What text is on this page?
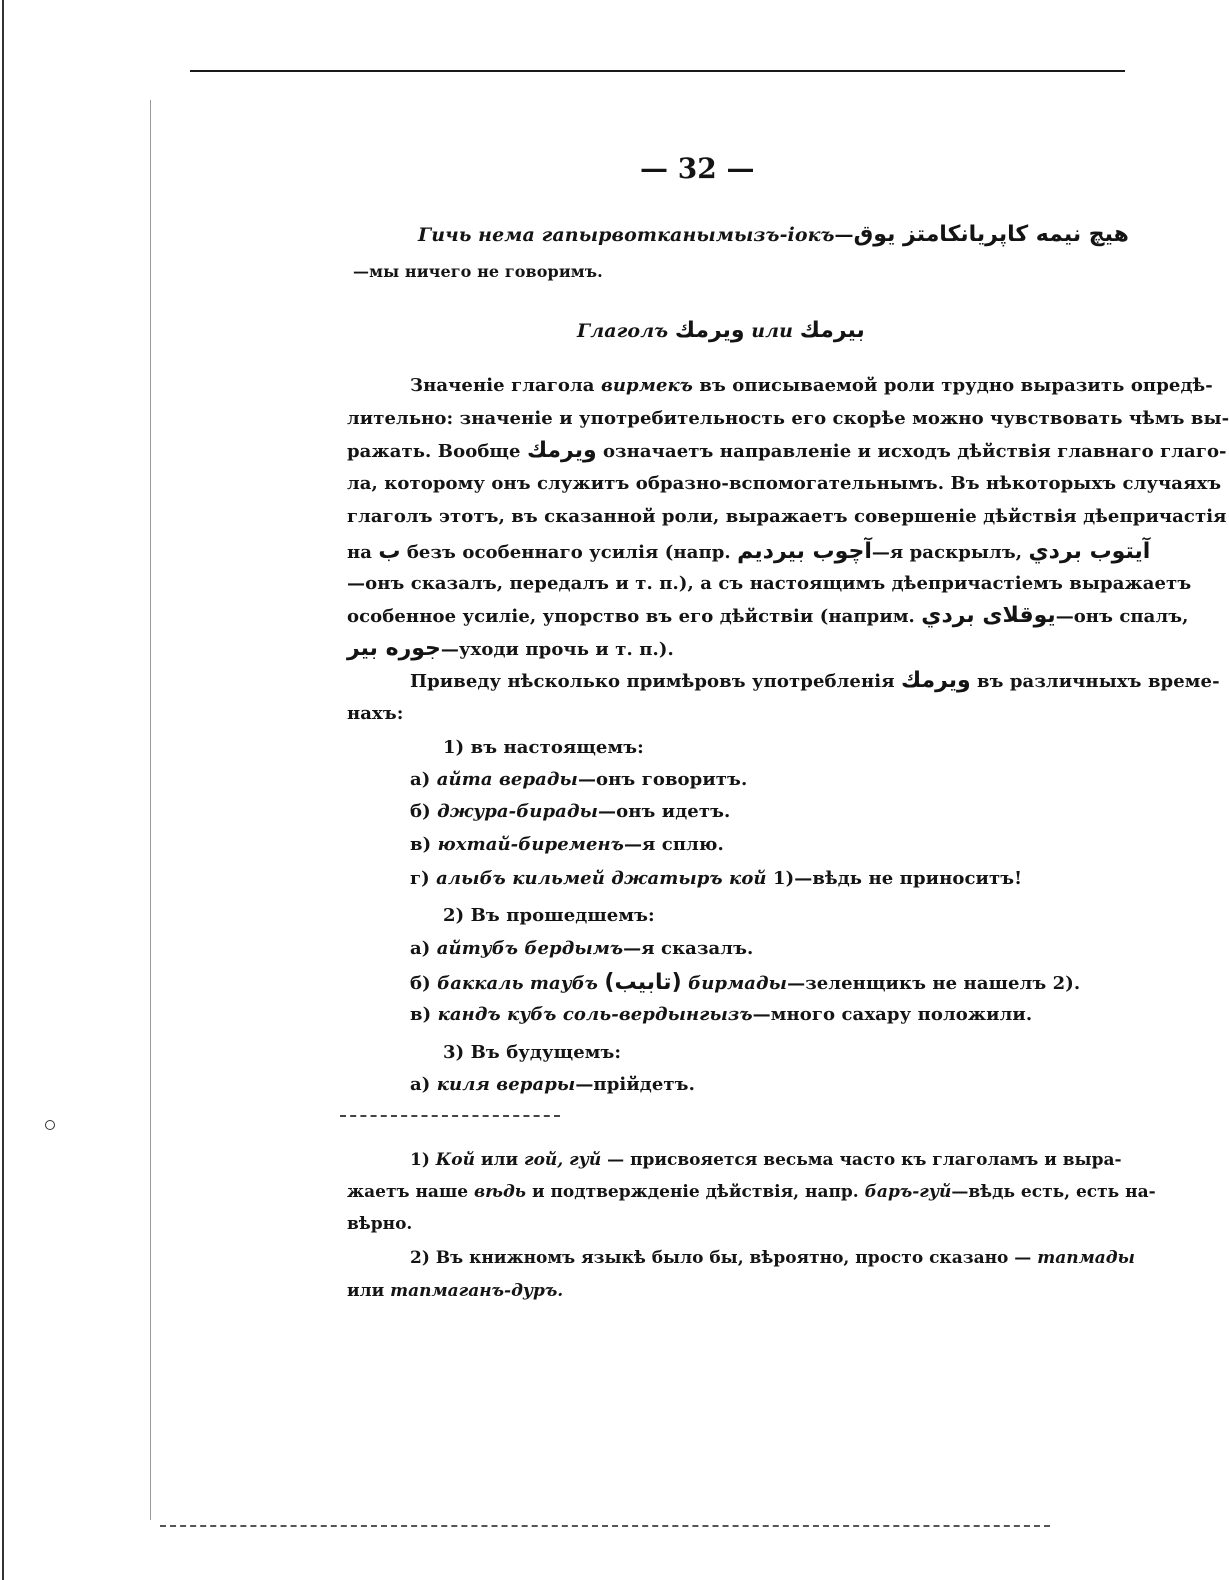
— 32 —
Гичь нема гапырвотканымызъ-іокъ—هيچ نيمه كاپريانكامتز يوق
—мы ничего не говоримъ.
Глаголъ ويرمك или بيرمك
Значеніе глагола вирмекъ въ описываемой роли трудно выразить опредѣ-
лительно: значеніе и употребительность его скорѣе можно чувствовать чѣмъ вы-
ражать. Вообще ويرمك означаетъ направленіе и исходъ дѣйствія главнаго глаго-
ла, которому онъ служитъ образно-вспомогательнымъ. Въ нѣкоторыхъ случаяхъ
глаголъ этотъ, въ сказанной роли, выражаетъ совершеніе дѣйствія дѣепричастія
на ب безъ особеннаго усилія (напр. آچوب بيرديم—я раскрылъ, آيتوب بردي
—онъ сказалъ, передалъ и т. п.), а съ настоящимъ дѣепричастіемъ выражаетъ
особенное усиліе, упорство въ его дѣйствіи (наприм. يوقلاى بردي—онъ спалъ,
جوره بير—уходи прочь и т. п.).
Приведу нѣсколько примѣровъ употребленія ويرمك въ различныхъ време-
нахъ:
1) въ настоящемъ:
а) айта верады—онъ говоритъ.
б) джура-бирады—онъ идетъ.
в) юхтай-биременъ—я сплю.
г) алыбъ кильмей джатыръ кой 1)—вѣдь не приноситъ!
2) Въ прошедшемъ:
а) айтубъ бердымъ—я сказалъ.
б) баккаль таубъ (تابيب) бирмады—зеленщикъ не нашелъ 2).
в) кандъ кубъ соль-вердынгызъ—много сахару положили.
3) Въ будущемъ:
а) киля верары—прійдетъ.
1) Кой или гой, гуй — присвояется весьма часто къ глаголамъ и выра-
жаетъ наше вѣдь и подтвержденіе дѣйствія, напр. баръ-гуй—вѣдь есть, есть на-
вѣрно.
2) Въ книжномъ языкѣ было бы, вѣроятно, просто сказано — тапмады
или тапмаганъ-дуръ.
